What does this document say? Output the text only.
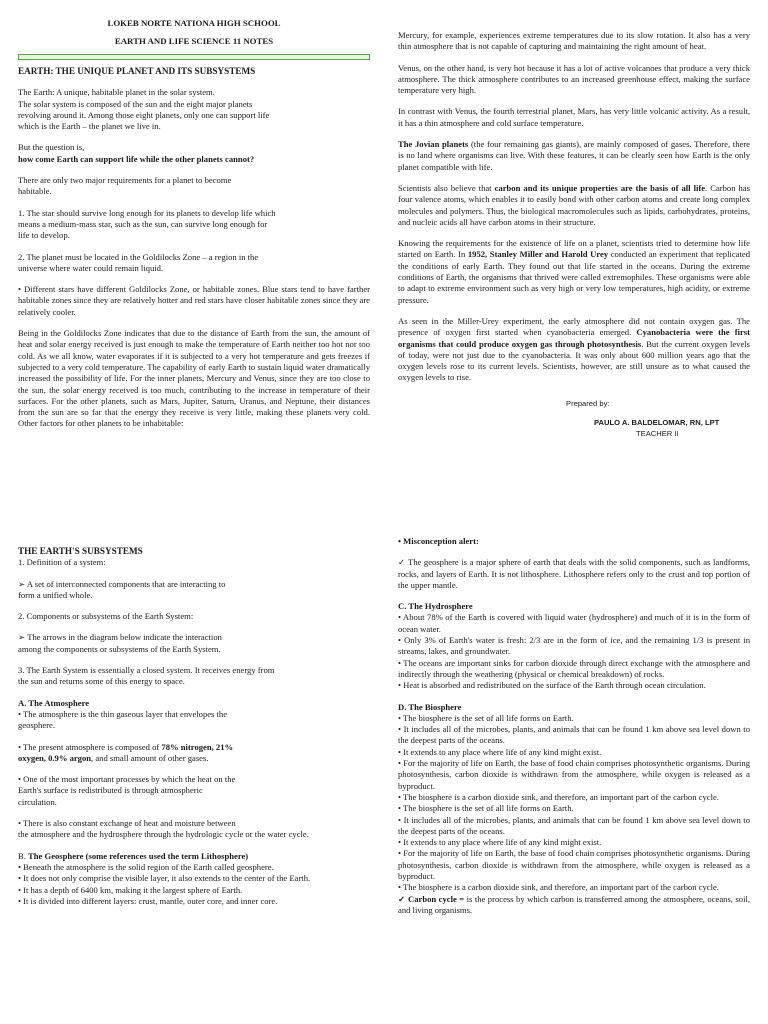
LOKEB NORTE NATIONA HIGH SCHOOL
EARTH AND LIFE SCIENCE 11 NOTES

EARTH: THE UNIQUE PLANET AND ITS SUBSYSTEMS

The Earth: A unique, habitable planet in the solar system.
The solar system is composed of the sun and the eight major planets
revolving around it. Among those eight planets, only one can support life
which is the Earth – the planet we live in.

But the question is,
how come Earth can support life while the other planets cannot?

There are only two major requirements for a planet to become
habitable.

1. The star should survive long enough for its planets to develop life which
means a medium-mass star, such as the sun, can survive long enough for
life to develop.

2. The planet must be located in the Goldilocks Zone – a region in the
universe where water could remain liquid.

• Different stars have different Goldilocks Zone, or habitable zones. Blue stars tend to have farther habitable zones since they are relatively hotter and red stars have closer habitable zones since they are relatively cooler.

Being in the Goldilocks Zone indicates that due to the distance of Earth from the sun, the amount of heat and solar energy received is just enough to make the temperature of Earth neither too hot nor too cold. As we all know, water evaporates if it is subjected to a very hot temperature and gets freezes if subjected to a very cold temperature. The capability of early Earth to sustain liquid water dramatically increased the possibility of life. For the inner planets, Mercury and Venus, since they are too close to the sun, the solar energy received is too much, contributing to the increase in temperature of their surfaces. For the other planets, such as Mars, Jupiter, Saturn, Uranus, and Neptune, their distances from the sun are so far that the energy they receive is very little, making these planets very cold. Other factors for other planets to be inhabitable:

Mercury, for example, experiences extreme temperatures due to its slow rotation. It also has a very thin atmosphere that is not capable of capturing and maintaining the right amount of heat.

Venus, on the other hand, is very hot because it has a lot of active volcanoes that produce a very thick atmosphere. The thick atmosphere contributes to an increased greenhouse effect, making the surface temperature very high.

In contrast with Venus, the fourth terrestrial planet, Mars, has very little volcanic activity. As a result, it has a thin atmosphere and cold surface temperature.

The Jovian planets (the four remaining gas giants), are mainly composed of gases. Therefore, there is no land where organisms can live. With these features, it can be clearly seen how Earth is the only planet compatible with life.

Scientists also believe that carbon and its unique properties are the basis of all life. Carbon has four valence atoms, which enables it to easily bond with other carbon atoms and create long complex molecules and polymers. Thus, the biological macromolecules such as lipids, carbohydrates, proteins, and nucleic acids all have carbon atoms in their structure.

Knowing the requirements for the existence of life on a planet, scientists tried to determine how life started on Earth. In 1952, Stanley Miller and Harold Urey conducted an experiment that replicated the conditions of early Earth. They found out that life started in the oceans. During the extreme conditions of Earth, the organisms that thrived were called extremophiles. These organisms were able to adapt to extreme environment such as very high or very low temperatures, high acidity, or extreme pressure.

As seen in the Miller-Urey experiment, the early atmosphere did not contain oxygen gas. The presence of oxygen first started when cyanobacteria emerged. Cyanobacteria were the first organisms that could produce oxygen gas through photosynthesis. But the current oxygen levels of today, were not just due to the cyanobacteria. It was only about 600 million years ago that the oxygen levels rose to its current levels. Scientists, however, are still unsure as to what caused the oxygen levels to rise.

Prepared by:
PAULO A. BALDELOMAR, RN, LPT
TEACHER II

THE EARTH'S SUBSYSTEMS
1. Definition of a system:

➢ A set of interconnected components that are interacting to
form a unified whole.

2. Components or subsystems of the Earth System:

➢ The arrows in the diagram below indicate the interaction
among the components or subsystems of the Earth System.

3. The Earth System is essentially a closed system. It receives energy from
the sun and returns some of this energy to space.

A. The Atmosphere
• The atmosphere is the thin gaseous layer that envelopes the
geosphere.

• The present atmosphere is composed of 78% nitrogen, 21%
oxygen, 0.9% argon, and small amount of other gases.

• One of the most important processes by which the heat on the
Earth's surface is redistributed is through atmospheric
circulation.

• There is also constant exchange of heat and moisture between
the atmosphere and the hydrosphere through the hydrologic cycle or the water cycle.

B. The Geosphere (some references used the term Lithosphere)
• Beneath the atmosphere is the solid region of the Earth called geosphere.
• It does not only comprise the visible layer, it also extends to the center of the Earth.
• It has a depth of 6400 km, making it the largest sphere of Earth.
• It is divided into different layers: crust, mantle, outer core, and inner core.

• Misconception alert:

✓ The geosphere is a major sphere of earth that deals with the solid components, such as landforms, rocks, and layers of Earth. It is not lithosphere. Lithosphere refers only to the crust and top portion of the upper mantle.

C. The Hydrosphere
• About 78% of the Earth is covered with liquid water (hydrosphere) and much of it is in the form of ocean water.
• Only 3% of Earth's water is fresh: 2/3 are in the form of ice, and the remaining 1/3 is present in streams, lakes, and groundwater.
• The oceans are important sinks for carbon dioxide through direct exchange with the atmosphere and indirectly through the weathering (physical or chemical breakdown) of rocks.
• Heat is absorbed and redistributed on the surface of the Earth through ocean circulation.

D. The Biosphere
• The biosphere is the set of all life forms on Earth.
• It includes all of the microbes, plants, and animals that can be found 1 km above sea level down to the deepest parts of the oceans.
• It extends to any place where life of any kind might exist.
• For the majority of life on Earth, the base of food chain comprises photosynthetic organisms. During photosynthesis, carbon dioxide is withdrawn from the atmosphere, while oxygen is released as a byproduct.
• The biosphere is a carbon dioxide sink, and therefore, an important part of the carbon cycle.
• The biosphere is the set of all life forms on Earth.
• It includes all of the microbes, plants, and animals that can be found 1 km above sea level down to the deepest parts of the oceans.
• It extends to any place where life of any kind might exist.
• For the majority of life on Earth, the base of food chain comprises photosynthetic organisms. During photosynthesis, carbon dioxide is withdrawn from the atmosphere, while oxygen is released as a byproduct.
• The biosphere is a carbon dioxide sink, and therefore, an important part of the carbon cycle.
✓ Carbon cycle = is the process by which carbon is transferred among the atmosphere, oceans, soil, and living organisms.
